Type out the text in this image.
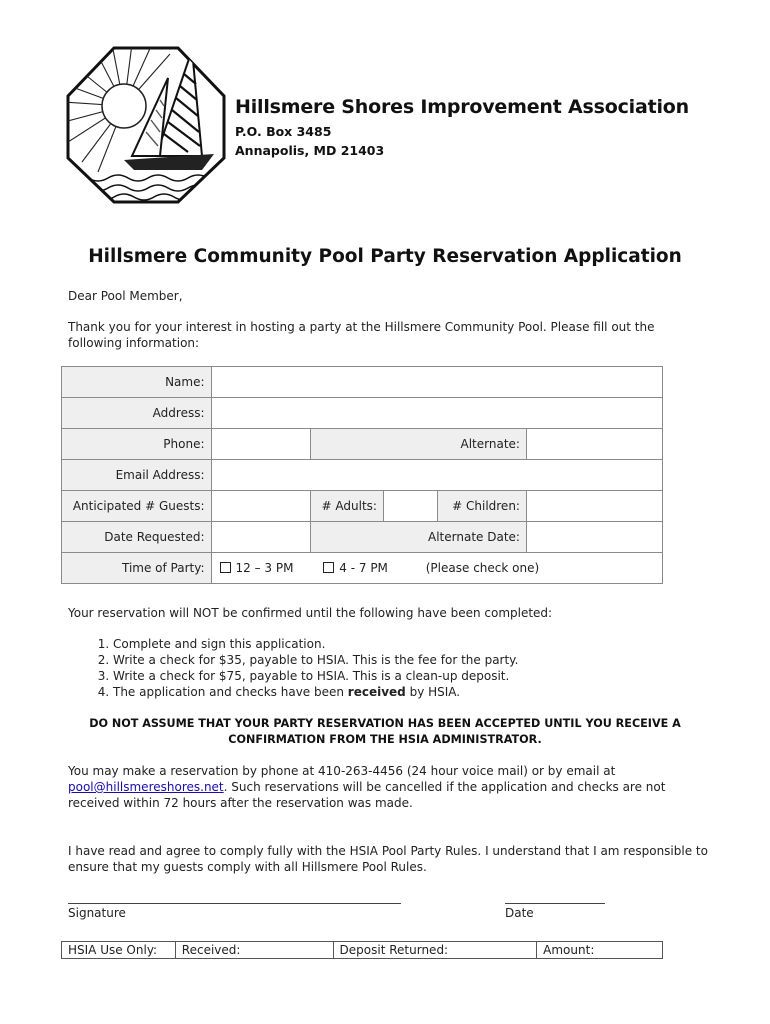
Hillsmere Shores Improvement Association
P.O. Box 3485
Annapolis, MD 21403
Hillsmere Community Pool Party Reservation Application
Dear Pool Member,
Thank you for your interest in hosting a party at the Hillsmere Community Pool. Please fill out the following information:
Name:					
Address:					
Phone:		Alternate:			
Email Address:					
Anticipated # Guests:		# Adults:		# Children:	
Date Requested:		Alternate Date:			
Time of Party:	12 – 3 PM 4 - 7 PM (Please check one)				
Your reservation will NOT be confirmed until the following have been completed:
1. Complete and sign this application.
2. Write a check for $35, payable to HSIA. This is the fee for the party.
3. Write a check for $75, payable to HSIA. This is a clean-up deposit.
4. The application and checks have been received by HSIA.
DO NOT ASSUME THAT YOUR PARTY RESERVATION HAS BEEN ACCEPTED UNTIL YOU RECEIVE A
CONFIRMATION FROM THE HSIA ADMINISTRATOR.
You may make a reservation by phone at 410-263-4456 (24 hour voice mail) or by email at pool@hillsmereshores.net. Such reservations will be cancelled if the application and checks are not received within 72 hours after the reservation was made.
I have read and agree to comply fully with the HSIA Pool Party Rules. I understand that I am responsible to ensure that my guests comply with all Hillsmere Pool Rules.
Signature	Date
HSIA Use Only:	Received:	Deposit Returned:	Amount:
